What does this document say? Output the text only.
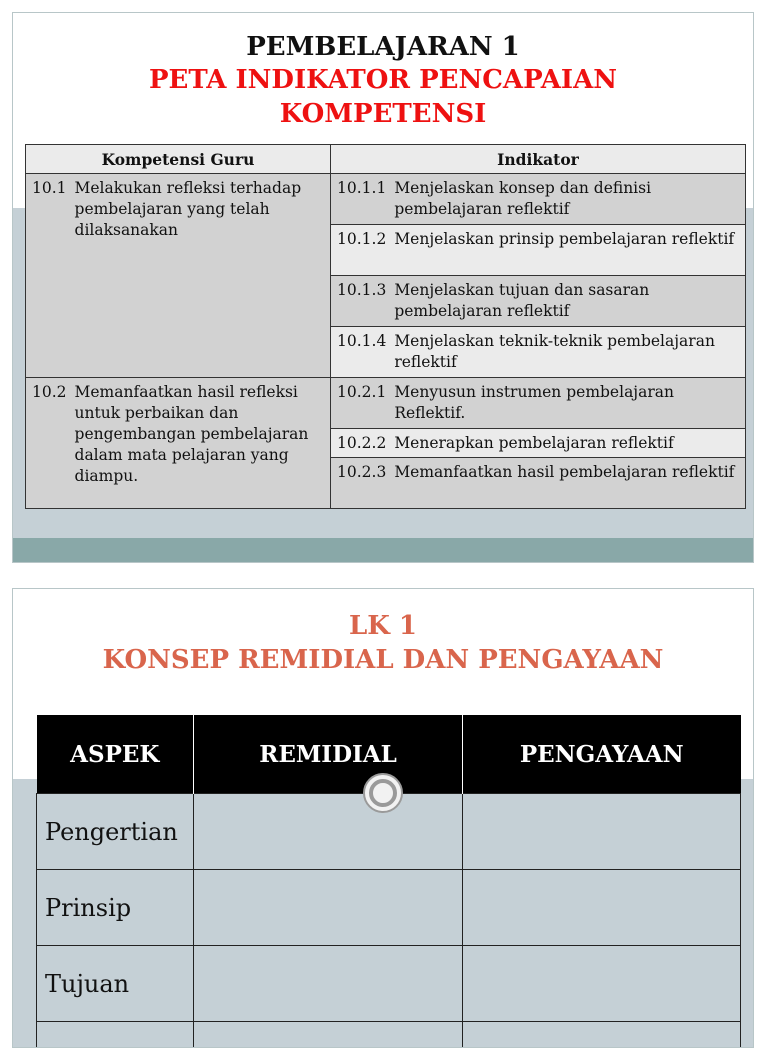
PEMBELAJARAN 1
PETA INDIKATOR PENCAPAIAN
KOMPETENSI
Kompetensi Guru	Indikator

10.1 Melakukan refleksi terhadap pembelajaran yang telah dilaksanakan	10.1.1 Menjelaskan konsep dan definisi pembelajaran reflektif

	10.1.2 Menjelaskan prinsip pembelajaran reflektif

	10.1.3 Menjelaskan tujuan dan sasaran pembelajaran reflektif

	10.1.4 Menjelaskan teknik-teknik pembelajaran reflektif

10.2 Memanfaatkan hasil refleksi untuk perbaikan dan pengembangan pembelajaran dalam mata pelajaran yang diampu.	10.2.1 Menyusun instrumen pembelajaran Reflektif.

	10.2.2 Menerapkan pembelajaran reflektif

	10.2.3 Memanfaatkan hasil pembelajaran reflektif
LK 1
KONSEP REMIDIAL DAN PENGAYAAN
ASPEK	REMIDIAL	PENGAYAAN
Pengertian		
Prinsip		
Tujuan		
